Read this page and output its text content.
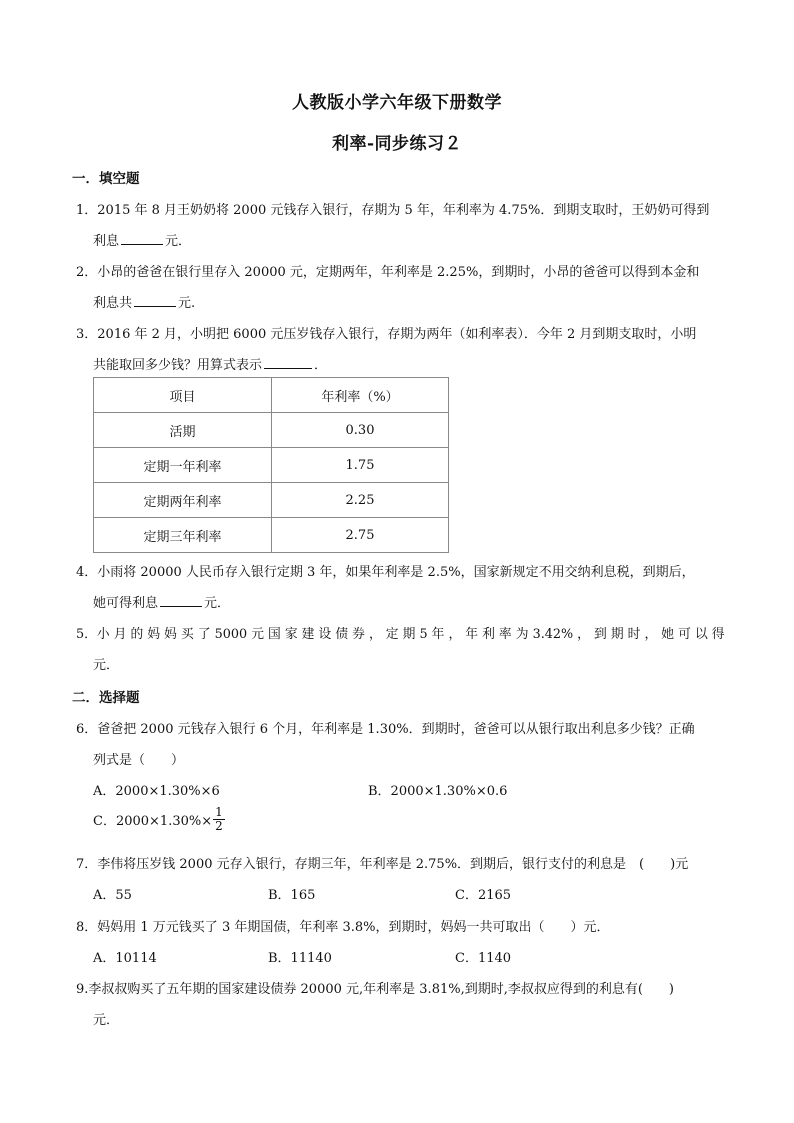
人教版小学六年级下册数学
利率-同步练习２
一．填空题
1．2015 年 8 月王奶奶将 2000 元钱存入银行，存期为 5 年，年利率为 4.75%．到期支取时，王奶奶可得到
利息	元．
2．小昂的爸爸在银行里存入 20000 元，定期两年，年利率是 2.25%，到期时，小昂的爸爸可以得到本金和
利息共	元.
3．2016 年 2 月，小明把 6000 元压岁钱存入银行，存期为两年（如利率表）．今年 2 月到期支取时，小明
共能取回多少钱？用算式表示	．
项目	年利率（%）
活期	0.30
定期一年利率	1.75
定期两年利率	2.25
定期三年利率	2.75
4．小雨将 20000 人民币存入银行定期 3 年，如果年利率是 2.5%，国家新规定不用交纳利息税，到期后，
她可得利息	元．
5．小 月 的 妈 妈 买 了 5000 元 国 家 建 设 债 券 ， 定 期 5 年 ， 年 利 率 为 3.42% ， 到 期 时 ， 她 可 以 得
元．
二．选择题
6．爸爸把 2000 元钱存入银行 6 个月，年利率是 1.30%．到期时，爸爸可以从银行取出利息多少钱？正确
列式是（　　）
A．2000×1.30%×6	B．2000×1.30%×0.6
C．$2000\times 1.30\%\times \frac{1}{2}$
7．李伟将压岁钱 2000 元存入银行，存期三年，年利率是 2.75%．到期后，银行支付的利息是　(　　)元
A．55	B．165	C．2165
8．妈妈用 1 万元钱买了 3 年期国债，年利率 3.8%，到期时，妈妈一共可取出（　　）元．
A．10114	B．11140	C．1140
9.李叔叔购买了五年期的国家建设债券 20000 元,年利率是 3.81%,到期时,李叔叔应得到的利息有(　　)
元．
